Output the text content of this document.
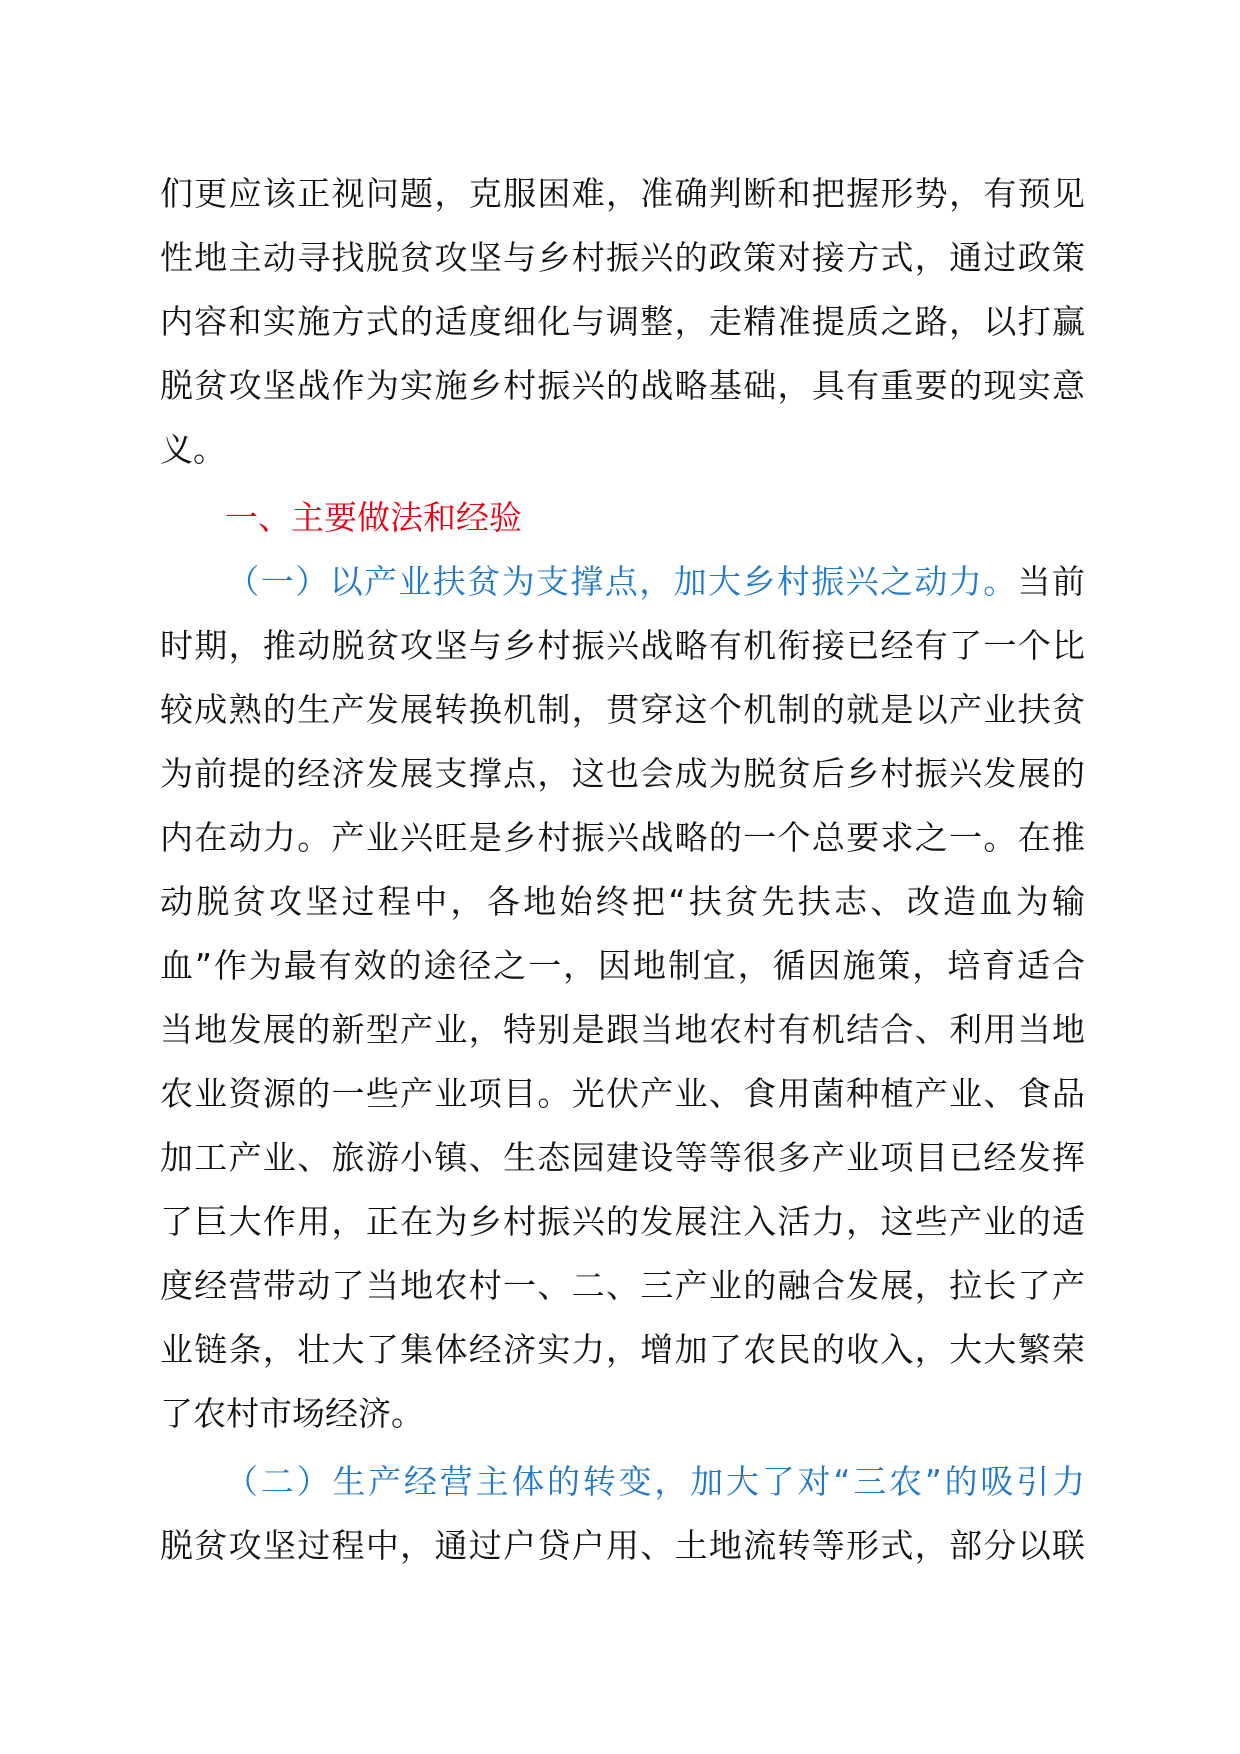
们更应该正视问题，克服困难，准确判断和把握形势，有预见
性地主动寻找脱贫攻坚与乡村振兴的政策对接方式，通过政策
内容和实施方式的适度细化与调整，走精准提质之路，以打赢
脱贫攻坚战作为实施乡村振兴的战略基础，具有重要的现实意
义。
一、主要做法和经验
（一）以产业扶贫为支撑点，加大乡村振兴之动力。当前
时期，推动脱贫攻坚与乡村振兴战略有机衔接已经有了一个比
较成熟的生产发展转换机制，贯穿这个机制的就是以产业扶贫
为前提的经济发展支撑点，这也会成为脱贫后乡村振兴发展的
内在动力。产业兴旺是乡村振兴战略的一个总要求之一。在推
动脱贫攻坚过程中，各地始终把“扶贫先扶志、改造血为输
血”作为最有效的途径之一，因地制宜，循因施策，培育适合
当地发展的新型产业，特别是跟当地农村有机结合、利用当地
农业资源的一些产业项目。光伏产业、食用菌种植产业、食品
加工产业、旅游小镇、生态园建设等等很多产业项目已经发挥
了巨大作用，正在为乡村振兴的发展注入活力，这些产业的适
度经营带动了当地农村一、二、三产业的融合发展，拉长了产
业链条，壮大了集体经济实力，增加了农民的收入，大大繁荣
了农村市场经济。
（二）生产经营主体的转变，加大了对“三农”的吸引力
脱贫攻坚过程中，通过户贷户用、土地流转等形式，部分以联
